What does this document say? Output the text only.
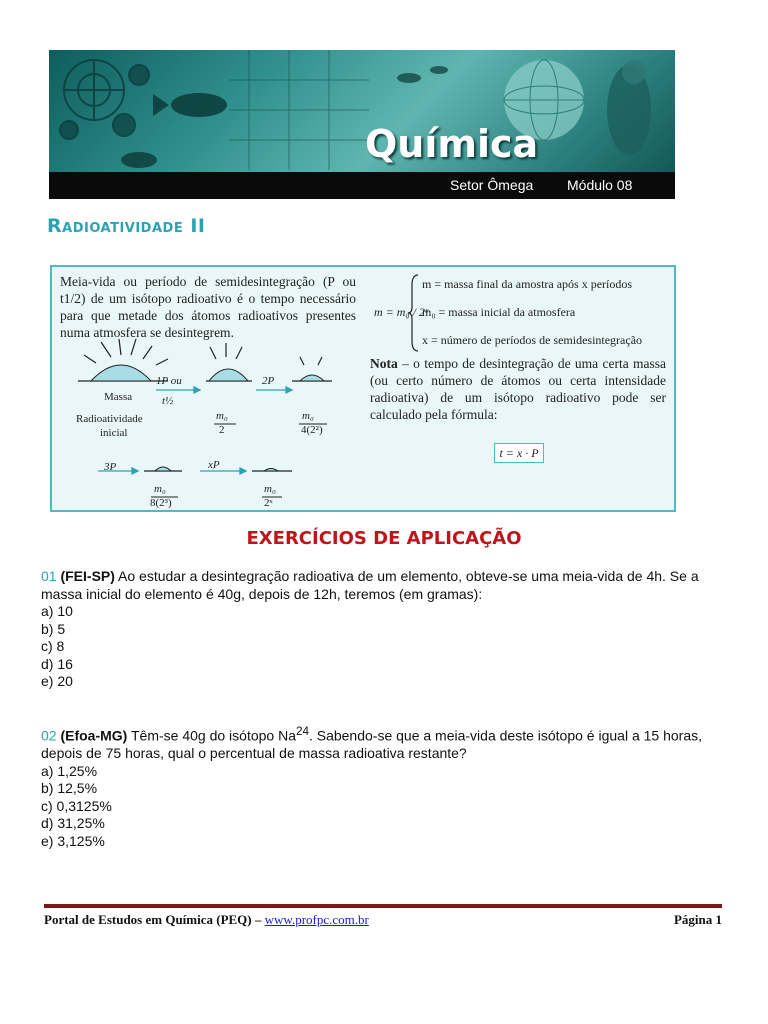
Química
Setor Ômega Módulo 08
Radioatividade II
Meia-vida ou período de semidesintegração (P ou t1/2) de um isótopo radioativo é o tempo necessário para que metade dos átomos radioativos presentes numa atmosfera se desintegrem.
Massa
Radioatividade
inicial
1P ou
t½
2P
3P	xP
m₀
2
m₀
4(2²)
m₀
8(2³)
m₀
2ˣ
m = m₀ / 2ˣ
m = massa final da amostra após x períodos
m₀ = massa inicial da atmosfera
x = número de períodos de semidesintegração
Nota – o tempo de desintegração de uma certa massa (ou certo número de átomos ou certa intensidade radioativa) de um isótopo radioativo pode ser calculado pela fórmula:
t = x · P
EXERCÍCIOS DE APLICAÇÃO
01 (FEI-SP) Ao estudar a desintegração radioativa de um elemento, obteve-se uma meia-vida de 4h. Se a massa inicial do elemento é 40g, depois de 12h, teremos (em gramas):
a) 10
b) 5
c) 8
d) 16
e) 20
02 (Efoa-MG) Têm-se 40g do isótopo Na$^{24}$. Sabendo-se que a meia-vida deste isótopo é igual a 15 horas, depois de 75 horas, qual o percentual de massa radioativa restante?
a) 1,25%
b) 12,5%
c) 0,3125%
d) 31,25%
e) 3,125%
Portal de Estudos em Química (PEQ) – www.profpc.com.br	Página 1
